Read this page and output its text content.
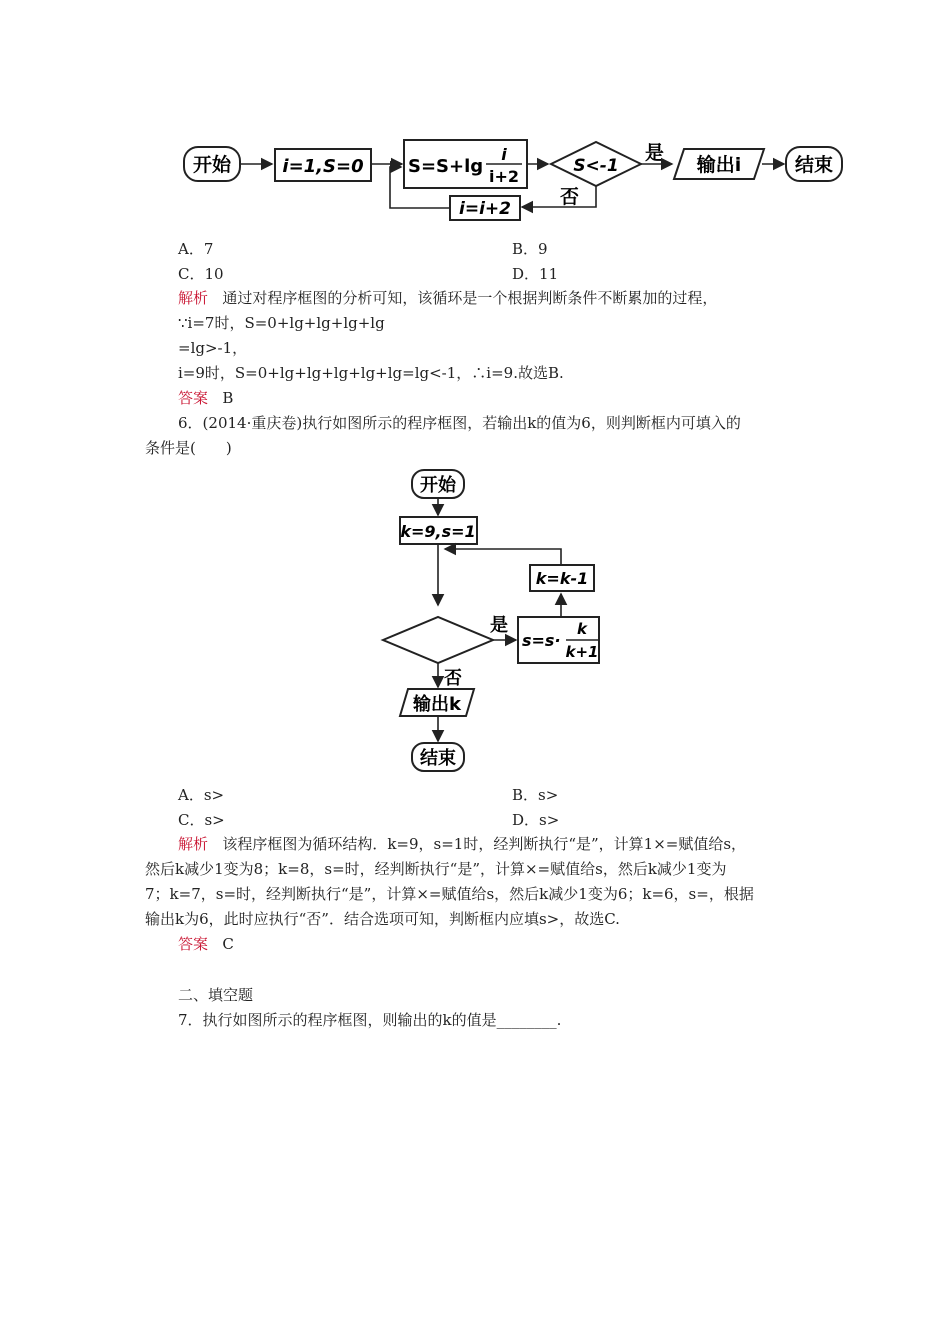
开始	i=1,S=0 S=S+lg
i
i+2
S<-1
是
输出i	结束
否
i=i+2
A．7	B．9
C．10	D．11
解析 通过对程序框图的分析可知，该循环是一个根据判断条件不断累加的过程，
∵i=7时，S=0+lg+lg+lg+lg
=lg>-1，
i=9时，S=0+lg+lg+lg+lg+lg=lg<-1，∴i=9.故选B.
答案 B
6．(2014·重庆卷)执行如图所示的程序框图，若输出k的值为6，则判断框内可填入的
条件是(　　)
开始
k=9,s=1
k=k-1
是
s=s·
k
k+1
否
输出k
结束
A．s>	B．s>
C．s>	D．s>
解析 该程序框图为循环结构．k=9，s=1时，经判断执行“是”，计算1×=赋值给s，
然后k减少1变为8；k=8，s=时，经判断执行“是”，计算×=赋值给s，然后k减少1变为
7；k=7，s=时，经判断执行“是”，计算×=赋值给s，然后k减少1变为6；k=6，s=，根据
输出k为6，此时应执行“否”．结合选项可知，判断框内应填s>，故选C.
答案 C
二、填空题
7．执行如图所示的程序框图，则输出的k的值是________.
